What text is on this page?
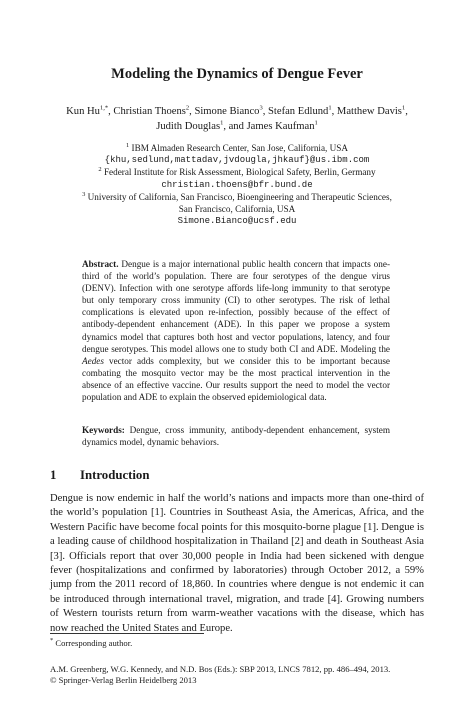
Modeling the Dynamics of Dengue Fever
Kun $Hu^{1,*}$, Christian Thoens$^2$, Simone Bianco$^3$, Stefan Edlund$^1$, Matthew Davis$^1$,
Judith Douglas$^1$, and James Kaufman$^1$
$^1$ IBM Almaden Research Center, San Jose, California, USA
{khu,sedlund,mattadav,jvdougla,jhkauf}@us.ibm.com
$^2$ Federal Institute for Risk Assessment, Biological Safety, Berlin, Germany
christian.thoens@bfr.bund.de
$^3$ University of California, San Francisco, Bioengineering and Therapeutic Sciences,
San Francisco, California, USA
Simone.Bianco@ucsf.edu
Abstract. Dengue is a major international public health concern that impacts one-third of the world’s population. There are four serotypes of the dengue virus (DENV). Infection with one serotype affords life-long immunity to that serotype but only temporary cross immunity (CI) to other serotypes. The risk of lethal complications is elevated upon re-infection, possibly because of the effect of antibody-dependent enhancement (ADE). In this paper we propose a system dynamics model that captures both host and vector populations, latency, and four dengue serotypes. This model allows one to study both CI and ADE. Modeling the Aedes vector adds complexity, but we consider this to be important because combating the mosquito vector may be the most practical intervention in the absence of an effective vaccine. Our results support the need to model the vector population and ADE to explain the observed epidemiological data.
Keywords: Dengue, cross immunity, antibody-dependent enhancement, system dynamics model, dynamic behaviors.
1 Introduction
Dengue is now endemic in half the world’s nations and impacts more than one-third of the world’s population [1]. Countries in Southeast Asia, the Americas, Africa, and the Western Pacific have become focal points for this mosquito-borne plague [1]. Dengue is a leading cause of childhood hospitalization in Thailand [2] and death in Southeast Asia [3]. Officials report that over 30,000 people in India had been sickened with dengue fever (hospitalizations and confirmed by laboratories) through October 2012, a 59% jump from the 2011 record of 18,860. In countries where dengue is not endemic it can be introduced through international travel, migration, and trade [4]. Growing numbers of Western tourists return from warm-weather vacations with the disease, which has now reached the United States and Europe.
* Corresponding author.
A.M. Greenberg, W.G. Kennedy, and N.D. Bos (Eds.): SBP 2013, LNCS 7812, pp. 486–494, 2013.
© Springer-Verlag Berlin Heidelberg 2013
